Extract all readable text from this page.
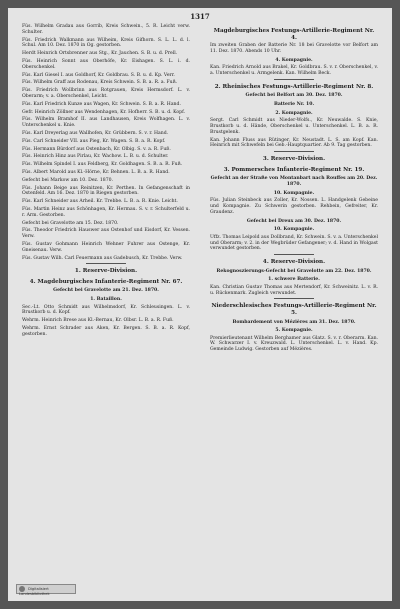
1317
Füs. Wilhelm Gradau aus Gorrib, Kreis Schwein., 5. R. Leicht verw. Schulter.
Füs. Friedrich Walkmann aus Wilheim, Kreis Gifhorn. S. L. L. d. l. Schul. Am 10. Dez. 1870 in Og. gestorben.
Herdt Heinrich Ortsbrenner aus Stg., Kr. Jauchen. S. B. u. d. Prell.
Füs. Heinrich Sonnt aus Oberhöfe, Kr. Eishagen. S. L. i. d. Oberschenkel.
Füs. Karl Giesel I. aus Goldhorf, Kr. Goldbrau. S. B. u. d. Kp. Verr.
Füs. Wilhelm Graff aus Rodenau, Kreis Schwein. S. B. a. R. a. Fuß.
Füs. Friedrich Wollbrinn aus Rotgrauen, Kreis Hermsdorf. L. v. Oberarm; v. a. Oberschenkel, Leicht.
Füs. Karl Friedrich Kunze aus Wagen, Kr. Schwein. S. B. a. R. Hand.
Gefr. Heinrich Zöllner aus Wendenhagen, Kr. Hofherr. S. B. u. d. Kopf.
Füs. Wilhelm Bramhof II. aus Landhausen, Kreis Wolfhagen. L. v. Unterschenkel u. Knie.
Füs. Karl Dreyerlag aus Wallhofen, Kr. Grübbern. S. v. r. Hand.
Füs. Carl Schneider VII. aus Pieg, Kr. Wagen. S. B. a. R. Kopf.
Füs. Hermann Bürdorf aus Ostenbach, Kr. Olbig. S. v. a. R. Fuß.
Füs. Heinrich Hinz aus Pirlau, Kr. Wachow. L. B. u. d. Schulter.
Füs. Wilhelm Spindel I. aus Feldberg, Kr. Goldhagen. S. B. a. R. Fuß.
Füs. Albert Marold aus Kl.-Hörne, Kr. Behnen. L. B. a. R. Hand.
Gefecht bei Markow am 10. Dez. 1870.
Füs. Johann Beige aus Reinitzen, Kr. Perthen. In Gefangenschaft in Ostenfeld. Am 16. Dez. 1870 in Riegen gestorben.
Füs. Karl Schneider aus Arheil. Kr. Trebbe. L. B. a. R. Knie. Leicht.
Füs. Martin Heinz aus Schönhagen, Kr. Hermau. S. v. r. Schulterfeld u. r. Arm. Gestorben.
Gefecht bei Gravelotte am 15. Dez. 1870.
Füs. Theodor Friedrich Hauswer aus Ostenhof und Eisdorf, Kr. Vessen. Verw.
Füs. Gustav Gohmann Heinrich Wehner Fuhrer aus Ostenge, Kr. Gneisenau. Verw.
Füs. Gustav Wilh. Carl Feuermann aus Gadebusch, Kr. Trebbe. Verw.
1. Reserve-Division.
4. Magdeburgisches Infanterie-Regiment Nr. 67.
Gefecht bei Gravelotte am 21. Dez. 1870.
1. Bataillon.
Sec.-Lt. Otto Schmidt aus Wilhelmsdorf, Kr. Schleusingen. L. v. Brustkorb u. d. Kopf.
Wehrm. Heinrich Brese aus Kl.-Bernau, Kr. Olbsr. L. B. a. R. Fuß.
Wehrm. Ernst Schrader aus Aken, Kr. Bergen. S. B. a. R. Kopf, gestorben.
Magdeburgisches Festungs-Artillerie-Regiment Nr. 4.
Im zweiten Graben der Batterie Nr. 18 bei Gravelotte vor Belfort am 11. Dez. 1870. Abends 10 Uhr.
4. Kompagnie.
Kan. Friedrich Arnold aus Brakel, Kr. Goldbrau. S. v. r. Oberschenkel, v. a. Unterschenkel u. Armgelenk. Kan. Wilhelm Beck.
2. Rheinisches Festungs-Artillerie-Regiment Nr. 8.
Gefecht bei Belfort am 30. Dez. 1870.
Batterie Nr. 10.
2. Kompagnie.
Sergt. Carl Schmidt aus Nieder-Wolfs., Kr. Neuwalde. S. Knie, Brustkorb u. d. Hände, Oberschenkel u. Unterschenkel. L. B. a. R. Brustgelenk.
Kan. Johann Fluss aus Rütinger, Kr. Neustadt. L. S. am Kopf. Kan. Heinrich mit Schwefeln bei Geb.-Hauptquartier. Ab 9. Tag gestorben.
3. Reserve-Division.
3. Pommersches Infanterie-Regiment Nr. 19.
Gefecht an der Straße von Montanbart nach Rouffes am 20. Dez. 1870.
10. Kompagnie.
Füs. Julian Steinbeck aus Zoller, Kr. Nossen. L. Handgelenk Gebeine und Kompagnie. Zu Schwerin gestorben. Rehbein, Gefreiter, Kr. Graudenz.
Gefecht bei Dreux am 30. Dez. 1870.
10. Kompagnie.
Uffz. Thomas Leipold aus Dollbrand, Kr. Schwein. S. v. a. Unterschenkel und Oberarm; v. 2. in der Wegbrüder Gefangener; v. d. Hand in Wolgast verwundet gestorben.
4. Reserve-Division.
Rekognoszierungs-Gefecht bei Gravelotte am 22. Dez. 1870.
1. schwere Batterie.
Kan. Christian Gustav Thomas aus Mertendorf, Kr. Schweinitz. L. v. R. u. Rückenmark. Zugleich verwundet.
Niederschlesisches Festungs-Artillerie-Regiment Nr. 5.
Bombardement von Mézières am 31. Dez. 1870.
5. Kompagnie.
Premierlieutenant Wilhelm Berghamer aus Glatz. S. v. r. Oberarm. Kan. W. Schwarzer I. v. Kreuzwald. L. Unterschenkel. L. v. Hand. Kp. Gemeinde Ludwig. Gestorben auf Mézières.
Digitalisiert Landesbibliothek
